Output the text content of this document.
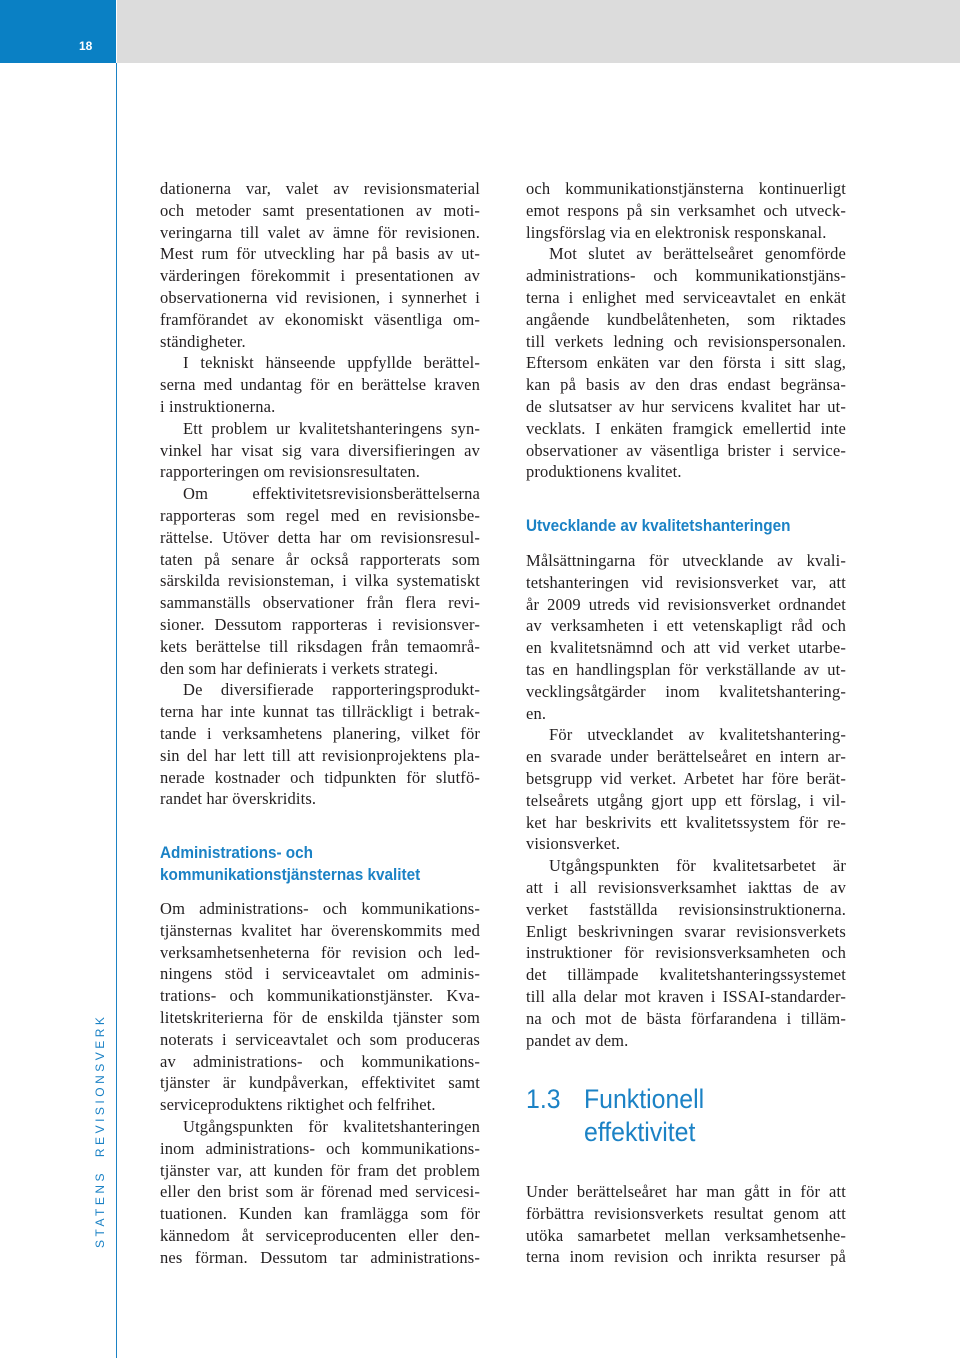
18
STATENS REVISIONSVERK
dationerna var, valet av revisionsmaterial
och metoder samt presentationen av moti-
veringarna till valet av ämne för revisionen.
Mest rum för utveckling har på basis av ut-
värderingen förekommit i presentationen av
observationerna vid revisionen, i synnerhet i
framförandet av ekonomiskt väsentliga om-
ständigheter.
I tekniskt hänseende uppfyllde berättel-
serna med undantag för en berättelse kraven
i instruktionerna.
Ett problem ur kvalitetshanteringens syn-
vinkel har visat sig vara diversifieringen av
rapporteringen om revisionsresultaten.
Om effektivitetsrevisionsberättelserna
rapporteras som regel med en revisionsbe-
rättelse. Utöver detta har om revisionsresul-
taten på senare år också rapporterats som
särskilda revisionsteman, i vilka systematiskt
sammanställs observationer från flera revi-
sioner. Dessutom rapporteras i revisionsver-
kets berättelse till riksdagen från temaområ-
den som har definierats i verkets strategi.
De diversifierade rapporteringsprodukt-
terna har inte kunnat tas tillräckligt i betrak-
tande i verksamhetens planering, vilket för
sin del har lett till att revisionprojektens pla-
nerade kostnader och tidpunkten för slutfö-
randet har överskridits.
Administrations- och
kommunikationstjänsternas kvalitet
Om administrations- och kommunikations-
tjänsternas kvalitet har överenskommits med
verksamhetsenheterna för revision och led-
ningens stöd i serviceavtalet om adminis-
trations- och kommunikationstjänster. Kva-
litetskriterierna för de enskilda tjänster som
noterats i serviceavtalet och som produceras
av administrations- och kommunikations-
tjänster är kundpåverkan, effektivitet samt
serviceproduktens riktighet och felfrihet.
Utgångspunkten för kvalitetshanteringen
inom administrations- och kommunikations-
tjänster var, att kunden för fram det problem
eller den brist som är förenad med servicesi-
tuationen. Kunden kan framlägga som för
kännedom åt serviceproducenten eller den-
nes förman. Dessutom tar administrations-
och kommunikationstjänsterna kontinuerligt
emot respons på sin verksamhet och utveck-
lingsförslag via en elektronisk responskanal.
Mot slutet av berättelseåret genomförde
administrations- och kommunikationstjäns-
terna i enlighet med serviceavtalet en enkät
angående kundbelåtenheten, som riktades
till verkets ledning och revisionspersonalen.
Eftersom enkäten var den första i sitt slag,
kan på basis av den dras endast begränsa-
de slutsatser av hur servicens kvalitet har ut-
vecklats. I enkäten framgick emellertid inte
observationer av väsentliga brister i service-
produktionens kvalitet.
Utvecklande av kvalitetshanteringen
Målsättningarna för utvecklande av kvali-
tetshanteringen vid revisionsverket var, att
år 2009 utreds vid revisionsverket ordnandet
av verksamheten i ett vetenskapligt råd och
en kvalitetsnämnd och att vid verket utarbe-
tas en handlingsplan för verkställande av ut-
vecklingsåtgärder inom kvalitetshantering-
en.
För utvecklandet av kvalitetshantering-
en svarade under berättelseåret en intern ar-
betsgrupp vid verket. Arbetet har före berät-
telseårets utgång gjort upp ett förslag, i vil-
ket har beskrivits ett kvalitetssystem för re-
visionsverket.
Utgångspunkten för kvalitetsarbetet är
att i all revisionsverksamhet iakttas de av
verket fastställda revisionsinstruktionerna.
Enligt beskrivningen svarar revisionsverkets
instruktioner för revisionsverksamheten och
det tillämpade kvalitetshanteringssystemet
till alla delar mot kraven i ISSAI-standarder-
na och mot de bästa förfarandena i tilläm-
pandet av dem.
1.3 Funktionell
effektivitet
Under berättelseåret har man gått in för att
förbättra revisionsverkets resultat genom att
utöka samarbetet mellan verksamhetsenhe-
terna inom revision och inrikta resurser på
